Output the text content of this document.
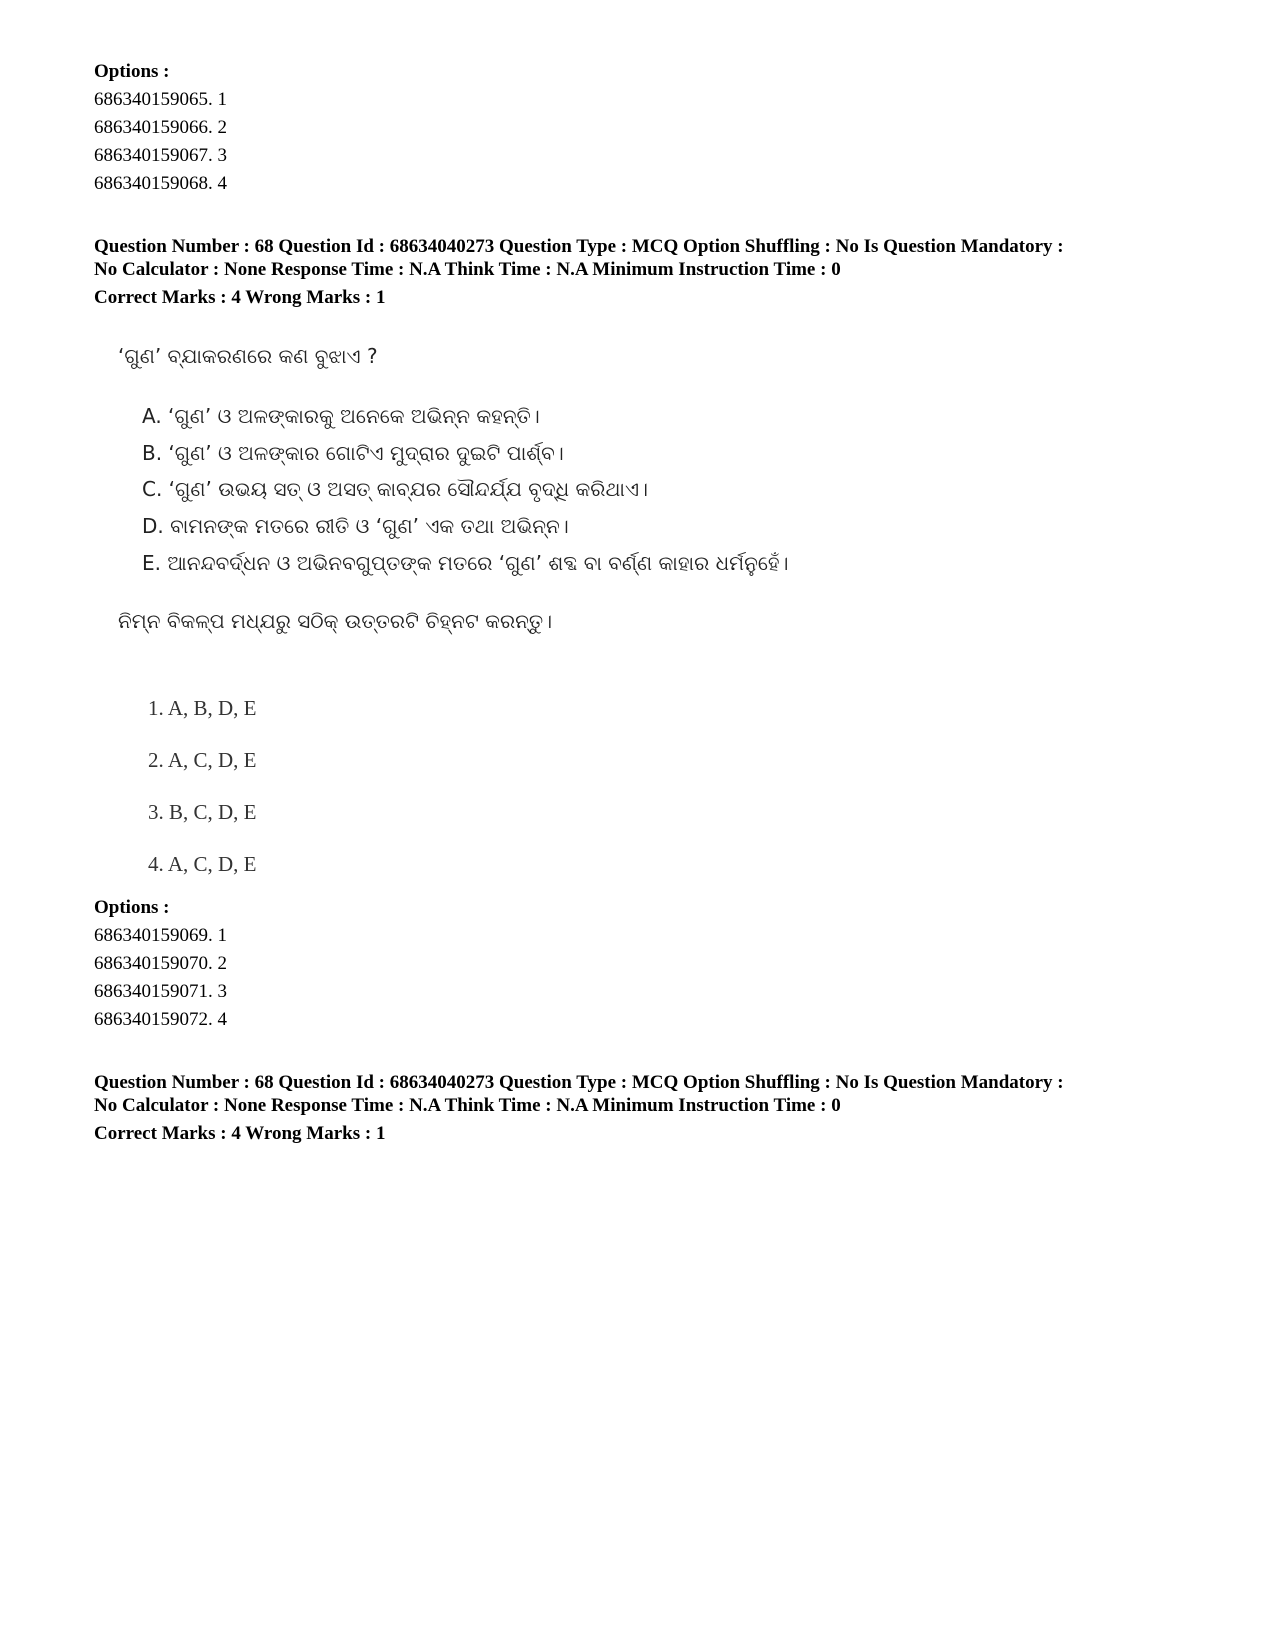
Options :
686340159065. 1
686340159066. 2
686340159067. 3
686340159068. 4
Question Number : 68 Question Id : 68634040273 Question Type : MCQ Option Shuffling : No Is Question Mandatory :
No Calculator : None Response Time : N.A Think Time : N.A Minimum Instruction Time : 0
Correct Marks : 4 Wrong Marks : 1
‘ଗୁଣ’ ବ୍ଯାକରଣରେ କଣ ବୁଝାଏ ?
A. ‘ଗୁଣ’ ଓ ଅଳଙ୍କାରକୁ ଅନେକେ ଅଭିନ୍ନ କହନ୍ତି।
B. ‘ଗୁଣ’ ଓ ଅଳଙ୍କାର ଗୋଟିଏ ମୁଦ୍ରାର ଦୁଇଟି ପାର୍ଶ୍ବ।
C. ‘ଗୁଣ’ ଉଭୟ ସତ୍ ଓ ଅସତ୍ କାବ୍ଯର ସୌନ୍ଦର୍ଯ୍ଯ ବୃଦ୍ଧି କରିଥାଏ।
D. ବାମନଙ୍କ ମତରେ ରୀତି ଓ ‘ଗୁଣ’ ଏକ ତଥା ଅଭିନ୍ନ।
E. ଆନନ୍ଦବର୍ଦ୍ଧନ ଓ ଅଭିନବଗୁପ୍ତଙ୍କ ମତରେ ‘ଗୁଣ’ ଶବ୍ଦ ବା ବର୍ଣ୍ଣ କାହାର ଧର୍ମନୁହେଁ।
ନିମ୍ନ ବିକଳ୍ପ ମଧ୍ଯରୁ ସଠିକ୍ ଉତ୍ତରଟି ଚିହ୍ନଟ କରନ୍ତୁ।
1. A, B, D, E
2. A, C, D, E
3. B, C, D, E
4. A, C, D, E
Options :
686340159069. 1
686340159070. 2
686340159071. 3
686340159072. 4
Question Number : 68 Question Id : 68634040273 Question Type : MCQ Option Shuffling : No Is Question Mandatory :
No Calculator : None Response Time : N.A Think Time : N.A Minimum Instruction Time : 0
Correct Marks : 4 Wrong Marks : 1
